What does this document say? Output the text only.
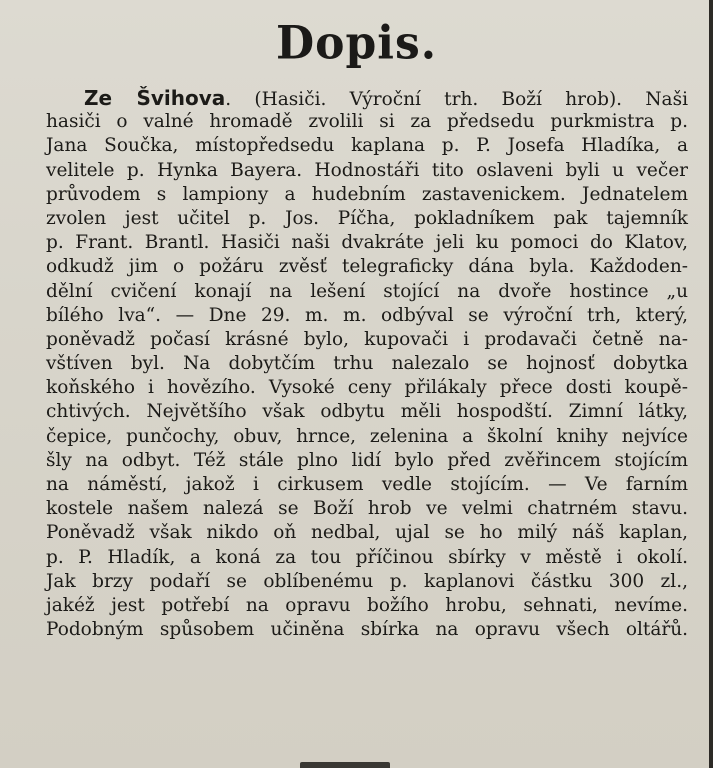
Dopis.
Ze Švihova. (Hasiči. Výroční trh. Boží hrob). Naši
hasiči o valné hromadě zvolili si za předsedu purkmistra p.
Jana Součka, místopředsedu kaplana p. P. Josefa Hladíka, a
velitele p. Hynka Bayera. Hodnostáři tito oslaveni byli u večer
průvodem s lampiony a hudebním zastavenickem. Jednatelem
zvolen jest učitel p. Jos. Píčha, pokladníkem pak tajemník
p. Frant. Brantl. Hasiči naši dvakráte jeli ku pomoci do Klatov,
odkudž jim o požáru zvěsť telegraficky dána byla. Každoden-
dělní cvičení konají na lešení stojící na dvoře hostince „u
bílého lva“. — Dne 29. m. m. odbýval se výroční trh, který,
poněvadž počasí krásné bylo, kupovači i prodavači četně na-
vštíven byl. Na dobytčím trhu nalezalo se hojnosť dobytka
koňského i hovězího. Vysoké ceny přilákaly přece dosti koupě-
chtivých. Největšího však odbytu měli hospodští. Zimní látky,
čepice, punčochy, obuv, hrnce, zelenina a školní knihy nejvíce
šly na odbyt. Též stále plno lidí bylo před zvěřincem stojícím
na náměstí, jakož i cirkusem vedle stojícím. — Ve farním
kostele našem nalezá se Boží hrob ve velmi chatrném stavu.
Poněvadž však nikdo oň nedbal, ujal se ho milý náš kaplan,
p. P. Hladík, a koná za tou příčinou sbírky v městě i okolí.
Jak brzy podaří se oblíbenému p. kaplanovi částku 300 zl.,
jakéž jest potřebí na opravu božího hrobu, sehnati, nevíme.
Podobným spůsobem učiněna sbírka na opravu všech oltářů.
